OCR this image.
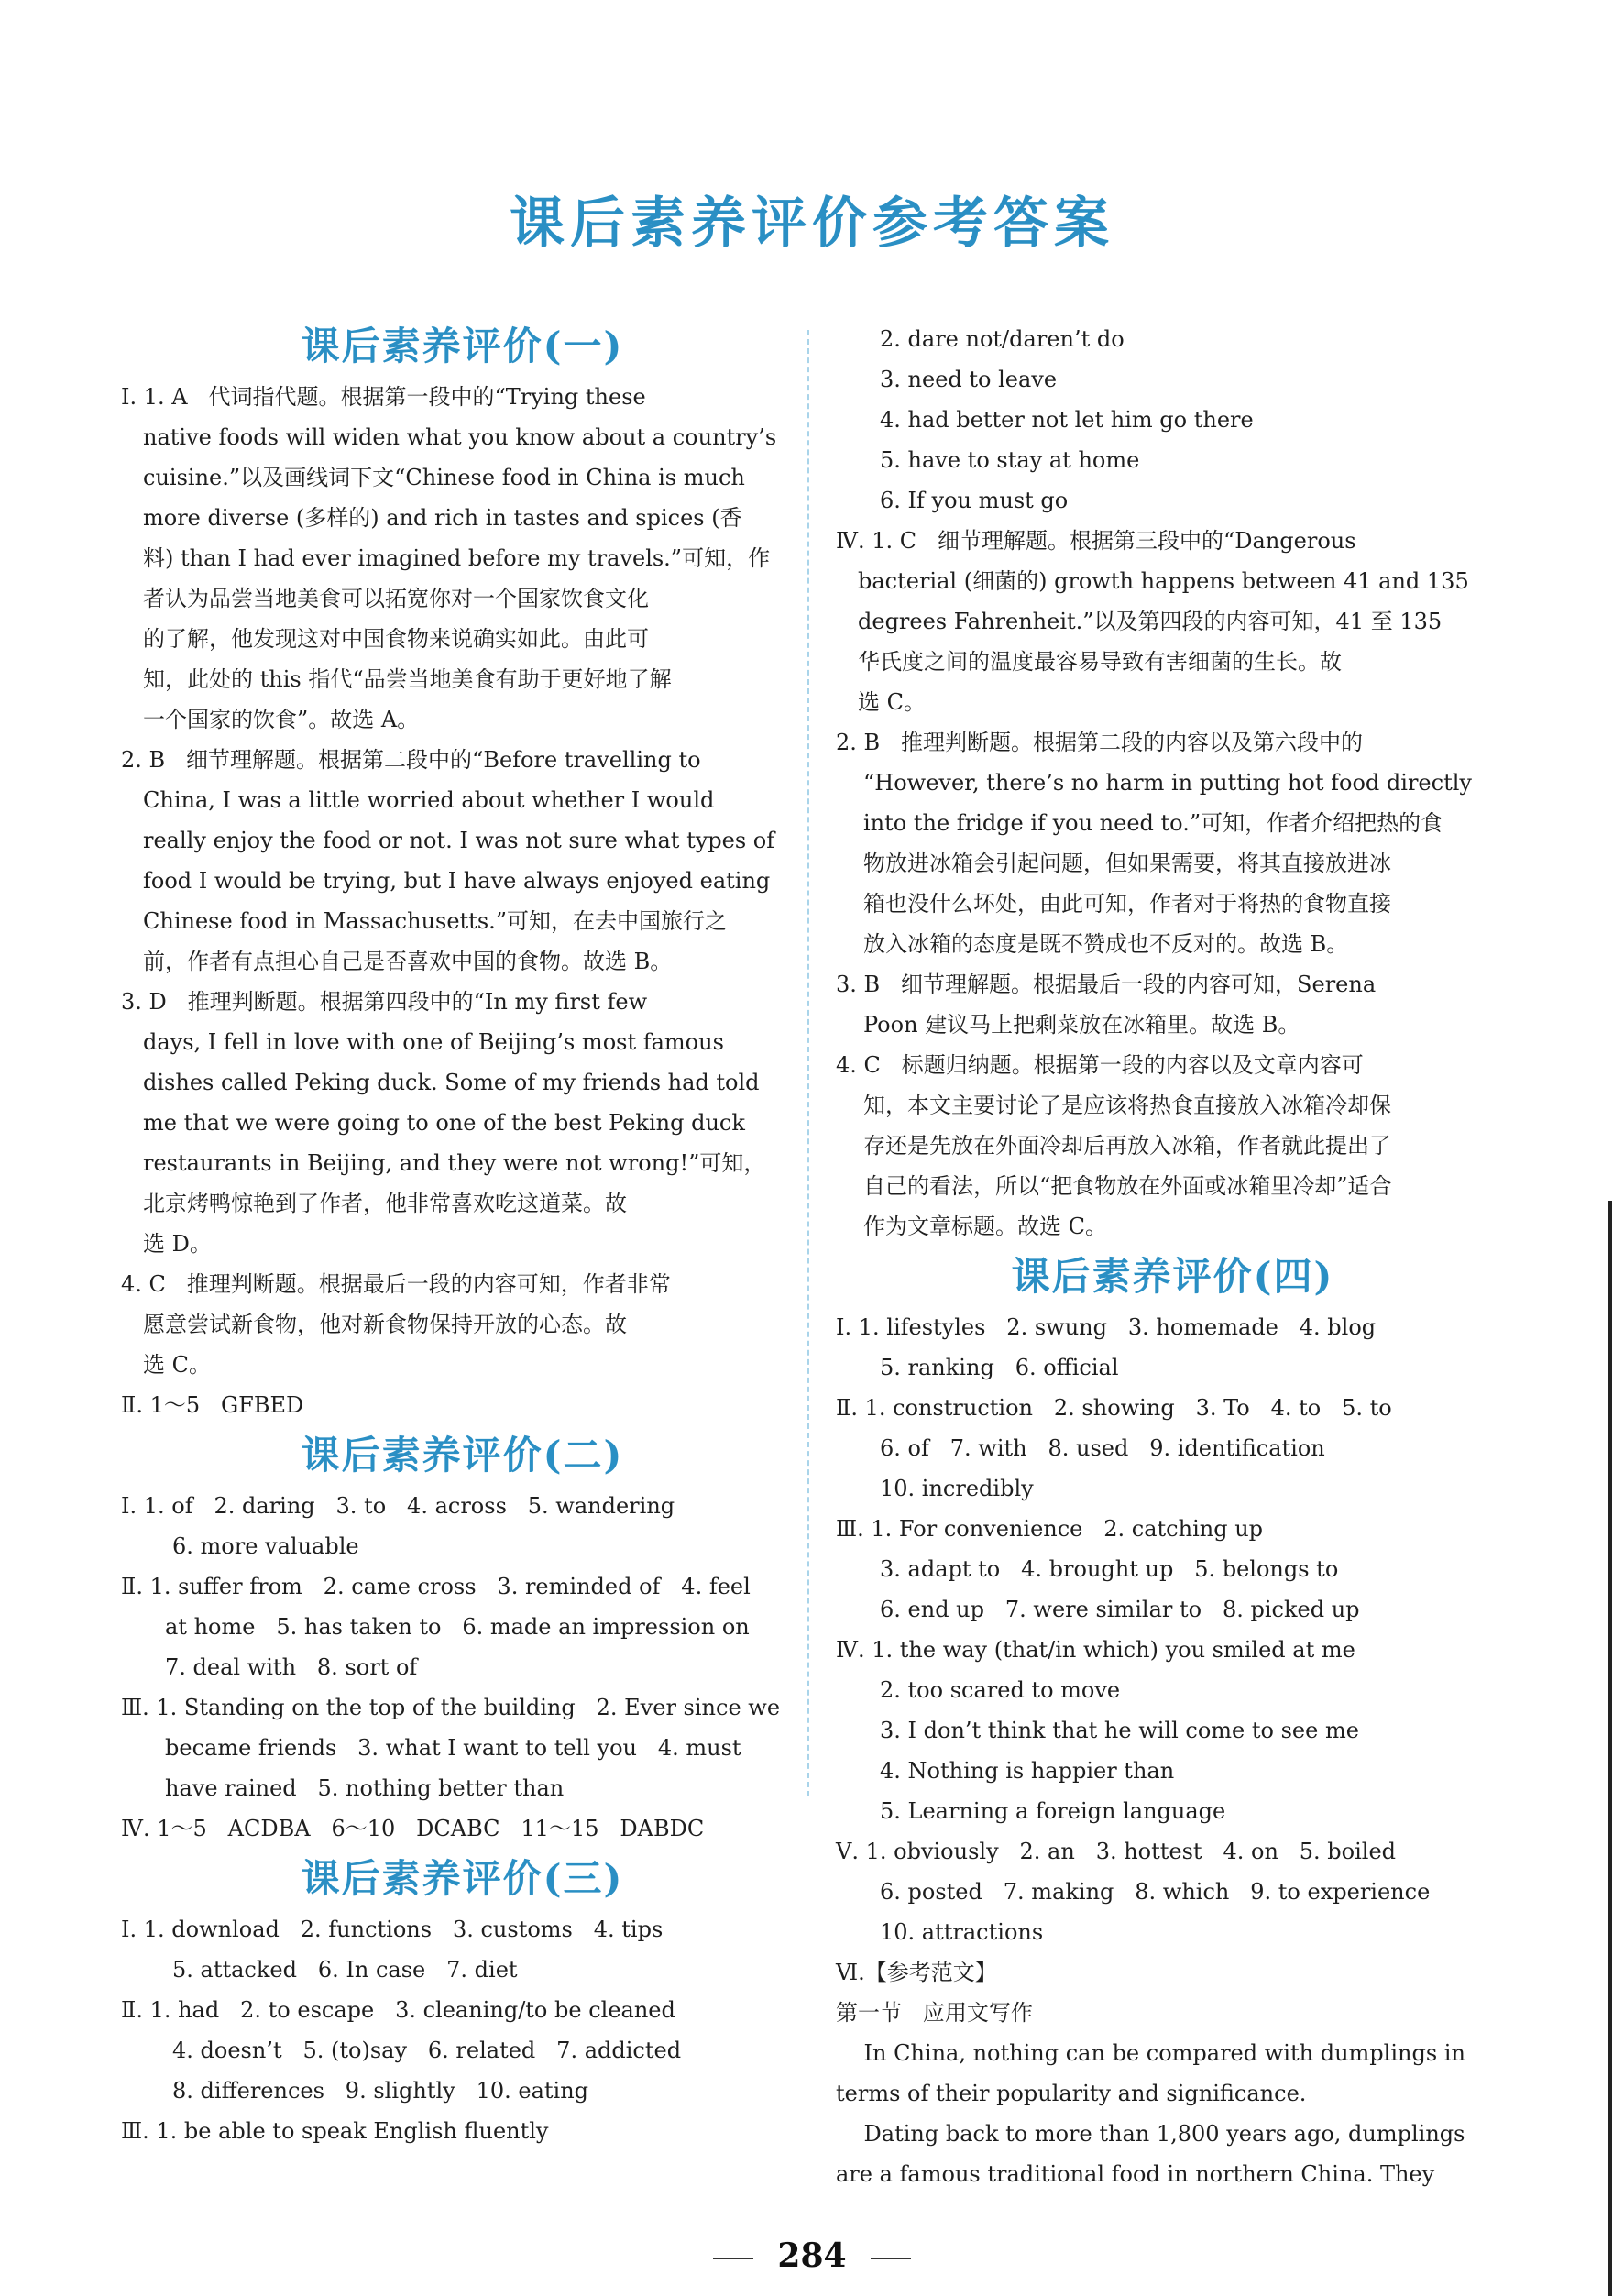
课后素养评价参考答案
课后素养评价(一)
Ⅰ. 1. A   代词指代题。根据第一段中的“Trying these
native foods will widen what you know about a country’s
cuisine.”以及画线词下文“Chinese food in China is much
more diverse (多样的) and rich in tastes and spices (香
料) than I had ever imagined before my travels.”可知，作
者认为品尝当地美食可以拓宽你对一个国家饮食文化
的了解，他发现这对中国食物来说确实如此。由此可
知，此处的 this 指代“品尝当地美食有助于更好地了解
一个国家的饮食”。故选 A。
2. B   细节理解题。根据第二段中的“Before travelling to
China, I was a little worried about whether I would
really enjoy the food or not. I was not sure what types of
food I would be trying, but I have always enjoyed eating
Chinese food in Massachusetts.”可知，在去中国旅行之
前，作者有点担心自己是否喜欢中国的食物。故选 B。
3. D   推理判断题。根据第四段中的“In my first few
days, I fell in love with one of Beijing’s most famous
dishes called Peking duck. Some of my friends had told
me that we were going to one of the best Peking duck
restaurants in Beijing, and they were not wrong!”可知，
北京烤鸭惊艳到了作者，他非常喜欢吃这道菜。故
选 D。
4. C   推理判断题。根据最后一段的内容可知，作者非常
愿意尝试新食物，他对新食物保持开放的心态。故
选 C。
Ⅱ. 1～5   GFBED
课后素养评价(二)
Ⅰ. 1. of   2. daring   3. to   4. across   5. wandering
6. more valuable
Ⅱ. 1. suffer from   2. came cross   3. reminded of   4. feel
at home   5. has taken to   6. made an impression on
7. deal with   8. sort of
Ⅲ. 1. Standing on the top of the building   2. Ever since we
became friends   3. what I want to tell you   4. must
have rained   5. nothing better than
Ⅳ. 1～5   ACDBA   6～10   DCABC   11～15   DABDC
课后素养评价(三)
Ⅰ. 1. download   2. functions   3. customs   4. tips
5. attacked   6. In case   7. diet
Ⅱ. 1. had   2. to escape   3. cleaning/to be cleaned
4. doesn’t   5. (to)say   6. related   7. addicted
8. differences   9. slightly   10. eating
Ⅲ. 1. be able to speak English fluently
2. dare not/daren’t do
3. need to leave
4. had better not let him go there
5. have to stay at home
6. If you must go
Ⅳ. 1. C   细节理解题。根据第三段中的“Dangerous
bacterial (细菌的) growth happens between 41 and 135
degrees Fahrenheit.”以及第四段的内容可知，41 至 135
华氏度之间的温度最容易导致有害细菌的生长。故
选 C。
2. B   推理判断题。根据第二段的内容以及第六段中的
“However, there’s no harm in putting hot food directly
into the fridge if you need to.”可知，作者介绍把热的食
物放进冰箱会引起问题，但如果需要，将其直接放进冰
箱也没什么坏处，由此可知，作者对于将热的食物直接
放入冰箱的态度是既不赞成也不反对的。故选 B。
3. B   细节理解题。根据最后一段的内容可知，Serena
Poon 建议马上把剩菜放在冰箱里。故选 B。
4. C   标题归纳题。根据第一段的内容以及文章内容可
知，本文主要讨论了是应该将热食直接放入冰箱冷却保
存还是先放在外面冷却后再放入冰箱，作者就此提出了
自己的看法，所以“把食物放在外面或冰箱里冷却”适合
作为文章标题。故选 C。
课后素养评价(四)
Ⅰ. 1. lifestyles   2. swung   3. homemade   4. blog
5. ranking   6. official
Ⅱ. 1. construction   2. showing   3. To   4. to   5. to
6. of   7. with   8. used   9. identification
10. incredibly
Ⅲ. 1. For convenience   2. catching up
3. adapt to   4. brought up   5. belongs to
6. end up   7. were similar to   8. picked up
Ⅳ. 1. the way (that/in which) you smiled at me
2. too scared to move
3. I don’t think that he will come to see me
4. Nothing is happier than
5. Learning a foreign language
Ⅴ. 1. obviously   2. an   3. hottest   4. on   5. boiled
6. posted   7. making   8. which   9. to experience
10. attractions
Ⅵ.【参考范文】
第一节   应用文写作
In China, nothing can be compared with dumplings in
terms of their popularity and significance.
Dating back to more than 1,800 years ago, dumplings
are a famous traditional food in northern China. They
284
